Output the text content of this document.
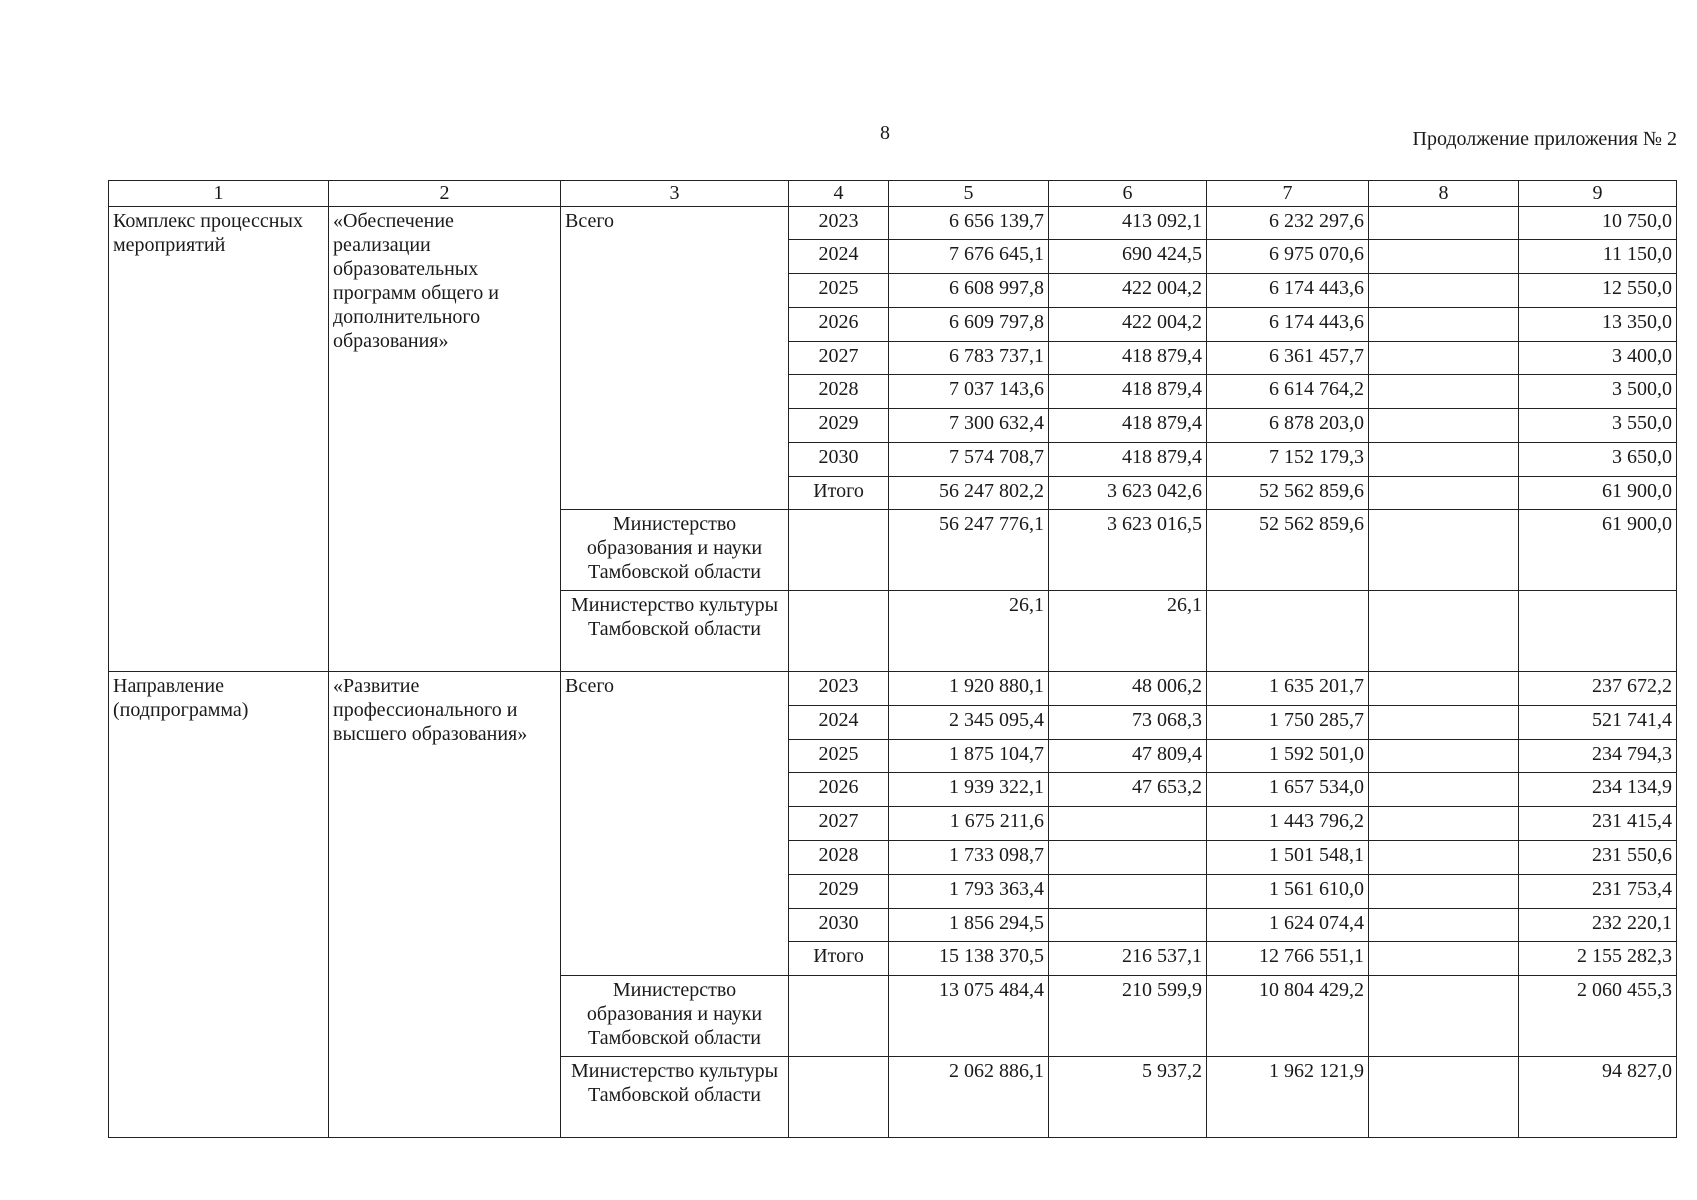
8	Продолжение приложения № 2
1	2	3	4	5	6	7	8	9
Комплекс процессных мероприятий	«Обеспечение реализации образовательных программ общего и дополнительного образования»	Всего	2023	6 656 139,7	413 092,1	6 232 297,6		10 750,0
			2024	7 676 645,1	690 424,5	6 975 070,6		11 150,0
			2025	6 608 997,8	422 004,2	6 174 443,6		12 550,0
			2026	6 609 797,8	422 004,2	6 174 443,6		13 350,0
			2027	6 783 737,1	418 879,4	6 361 457,7		3 400,0
			2028	7 037 143,6	418 879,4	6 614 764,2		3 500,0
			2029	7 300 632,4	418 879,4	6 878 203,0		3 550,0
			2030	7 574 708,7	418 879,4	7 152 179,3		3 650,0
			Итого	56 247 802,2	3 623 042,6	52 562 859,6		61 900,0
		Министерство образования и науки Тамбовской области		56 247 776,1	3 623 016,5	52 562 859,6		61 900,0
		Министерство культуры Тамбовской области		26,1	26,1			
Направление (подпрограмма)	«Развитие профессионального и высшего образования»	Всего	2023	1 920 880,1	48 006,2	1 635 201,7		237 672,2
			2024	2 345 095,4	73 068,3	1 750 285,7		521 741,4
			2025	1 875 104,7	47 809,4	1 592 501,0		234 794,3
			2026	1 939 322,1	47 653,2	1 657 534,0		234 134,9
			2027	1 675 211,6		1 443 796,2		231 415,4
			2028	1 733 098,7		1 501 548,1		231 550,6
			2029	1 793 363,4		1 561 610,0		231 753,4
			2030	1 856 294,5		1 624 074,4		232 220,1
			Итого	15 138 370,5	216 537,1	12 766 551,1		2 155 282,3
		Министерство образования и науки Тамбовской области		13 075 484,4	210 599,9	10 804 429,2		2 060 455,3
		Министерство культуры Тамбовской области		2 062 886,1	5 937,2	1 962 121,9		94 827,0
